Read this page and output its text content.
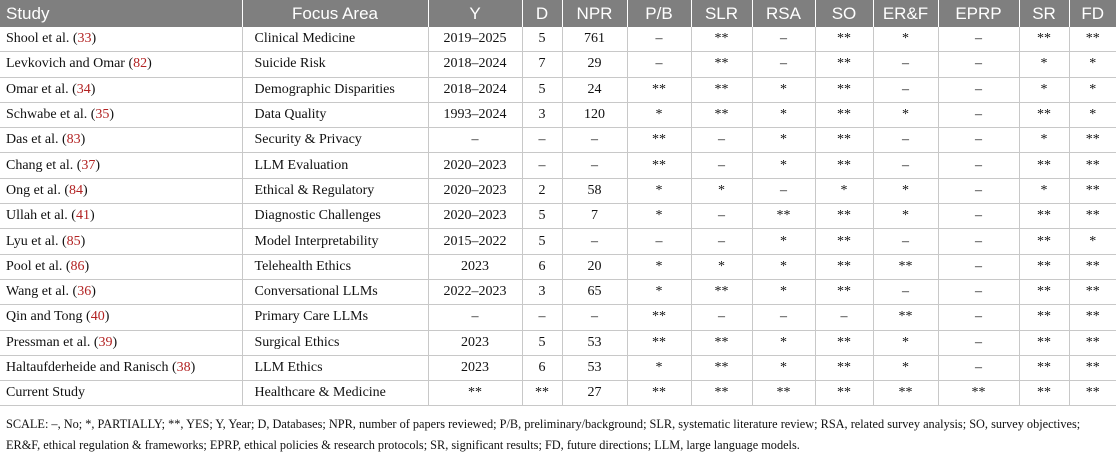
Study	Focus Area	Y	D	NPR	P/B	SLR	RSA	SO	ER&F	EPRP	SR	FD
Shool et al. (33)	Clinical Medicine	2019–2025	5	761	–	**	–	**	*	–	**	**
Levkovich and Omar (82)	Suicide Risk	2018–2024	7	29	–	**	–	**	–	–	*	*
Omar et al. (34)	Demographic Disparities	2018–2024	5	24	**	**	*	**	–	–	*	*
Schwabe et al. (35)	Data Quality	1993–2024	3	120	*	**	*	**	*	–	**	*
Das et al. (83)	Security & Privacy	–	–	–	**	–	*	**	–	–	*	**
Chang et al. (37)	LLM Evaluation	2020–2023	–	–	**	–	*	**	–	–	**	**
Ong et al. (84)	Ethical & Regulatory	2020–2023	2	58	*	*	–	*	*	–	*	**
Ullah et al. (41)	Diagnostic Challenges	2020–2023	5	7	*	–	**	**	*	–	**	**
Lyu et al. (85)	Model Interpretability	2015–2022	5	–	–	–	*	**	–	–	**	*
Pool et al. (86)	Telehealth Ethics	2023	6	20	*	*	*	**	**	–	**	**
Wang et al. (36)	Conversational LLMs	2022–2023	3	65	*	**	*	**	–	–	**	**
Qin and Tong (40)	Primary Care LLMs	–	–	–	**	–	–	–	**	–	**	**
Pressman et al. (39)	Surgical Ethics	2023	5	53	**	**	*	**	*	–	**	**
Haltaufderheide and Ranisch (38)	LLM Ethics	2023	6	53	*	**	*	**	*	–	**	**
Current Study	Healthcare & Medicine	**	**	27	**	**	**	**	**	**	**	**
SCALE: –, No; *, PARTIALLY; **, YES; Y, Year; D, Databases; NPR, number of papers reviewed; P/B, preliminary/background; SLR, systematic literature review; RSA, related survey analysis; SO, survey objectives; ER&F, ethical regulation & frameworks; EPRP, ethical policies & research protocols; SR, significant results; FD, future directions; LLM, large language models.
